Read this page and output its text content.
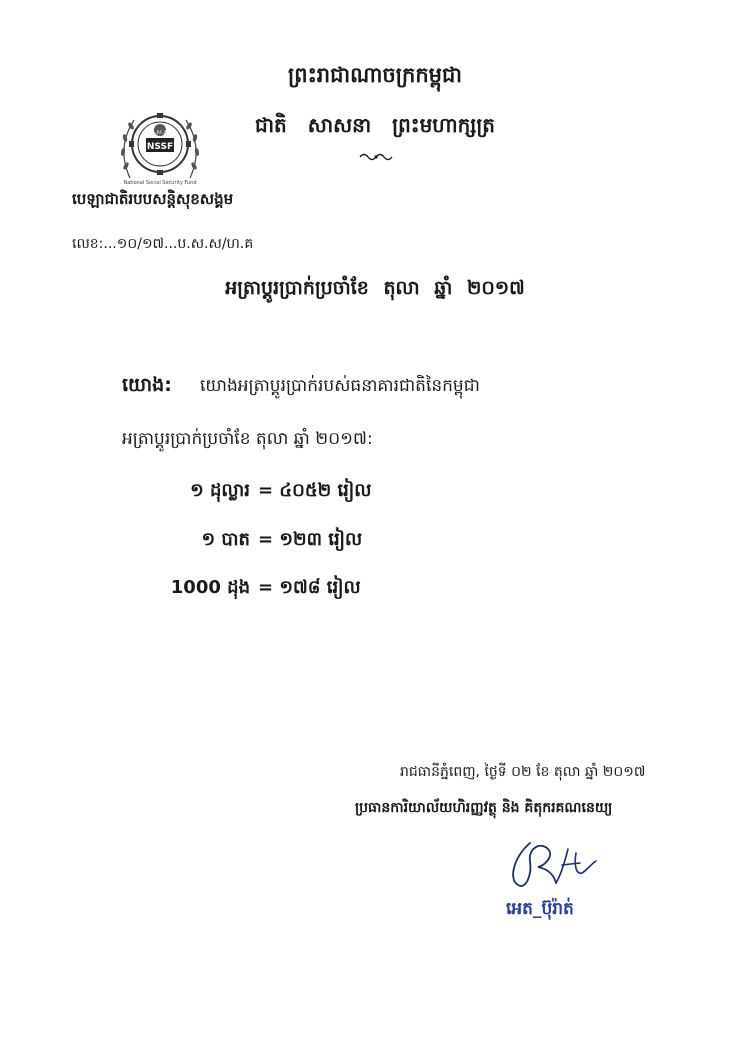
ព្រះរាជាណាចក្រកម្ពុជា
ជាតិ សាសនា ព្រះមហាក្សត្រ
ប.ស.ស
NSSF
National Social Security Fund
បេឡាជាតិរបបសន្តិសុខសង្គម
លេខ:...១០/១៧...ប.ស.ស/ហ.គ
អត្រាប្តូរប្រាក់ប្រចាំខែ តុលា ឆ្នាំ ២០១៧
យោង: យោងអត្រាប្តូរប្រាក់របស់ធនាគារជាតិនៃកម្ពុជា
អត្រាប្តូរប្រាក់ប្រចាំខែ តុលា ឆ្នាំ ២០១៧:
១ ដុល្លារ = ៤០៥២ រៀល
១ បាត = ១២៣ រៀល
1000 ដុង = ១៧៨ រៀល
រាជធានីភ្នំពេញ, ថ្ងៃទី ០២ ខែ តុលា ឆ្នាំ ២០១៧
ប្រធានការិយាល័យហិរញ្ញវត្ថុ និង គិតុករគណនេយ្យ
អេត_ប៊ុរ៉ាត់
